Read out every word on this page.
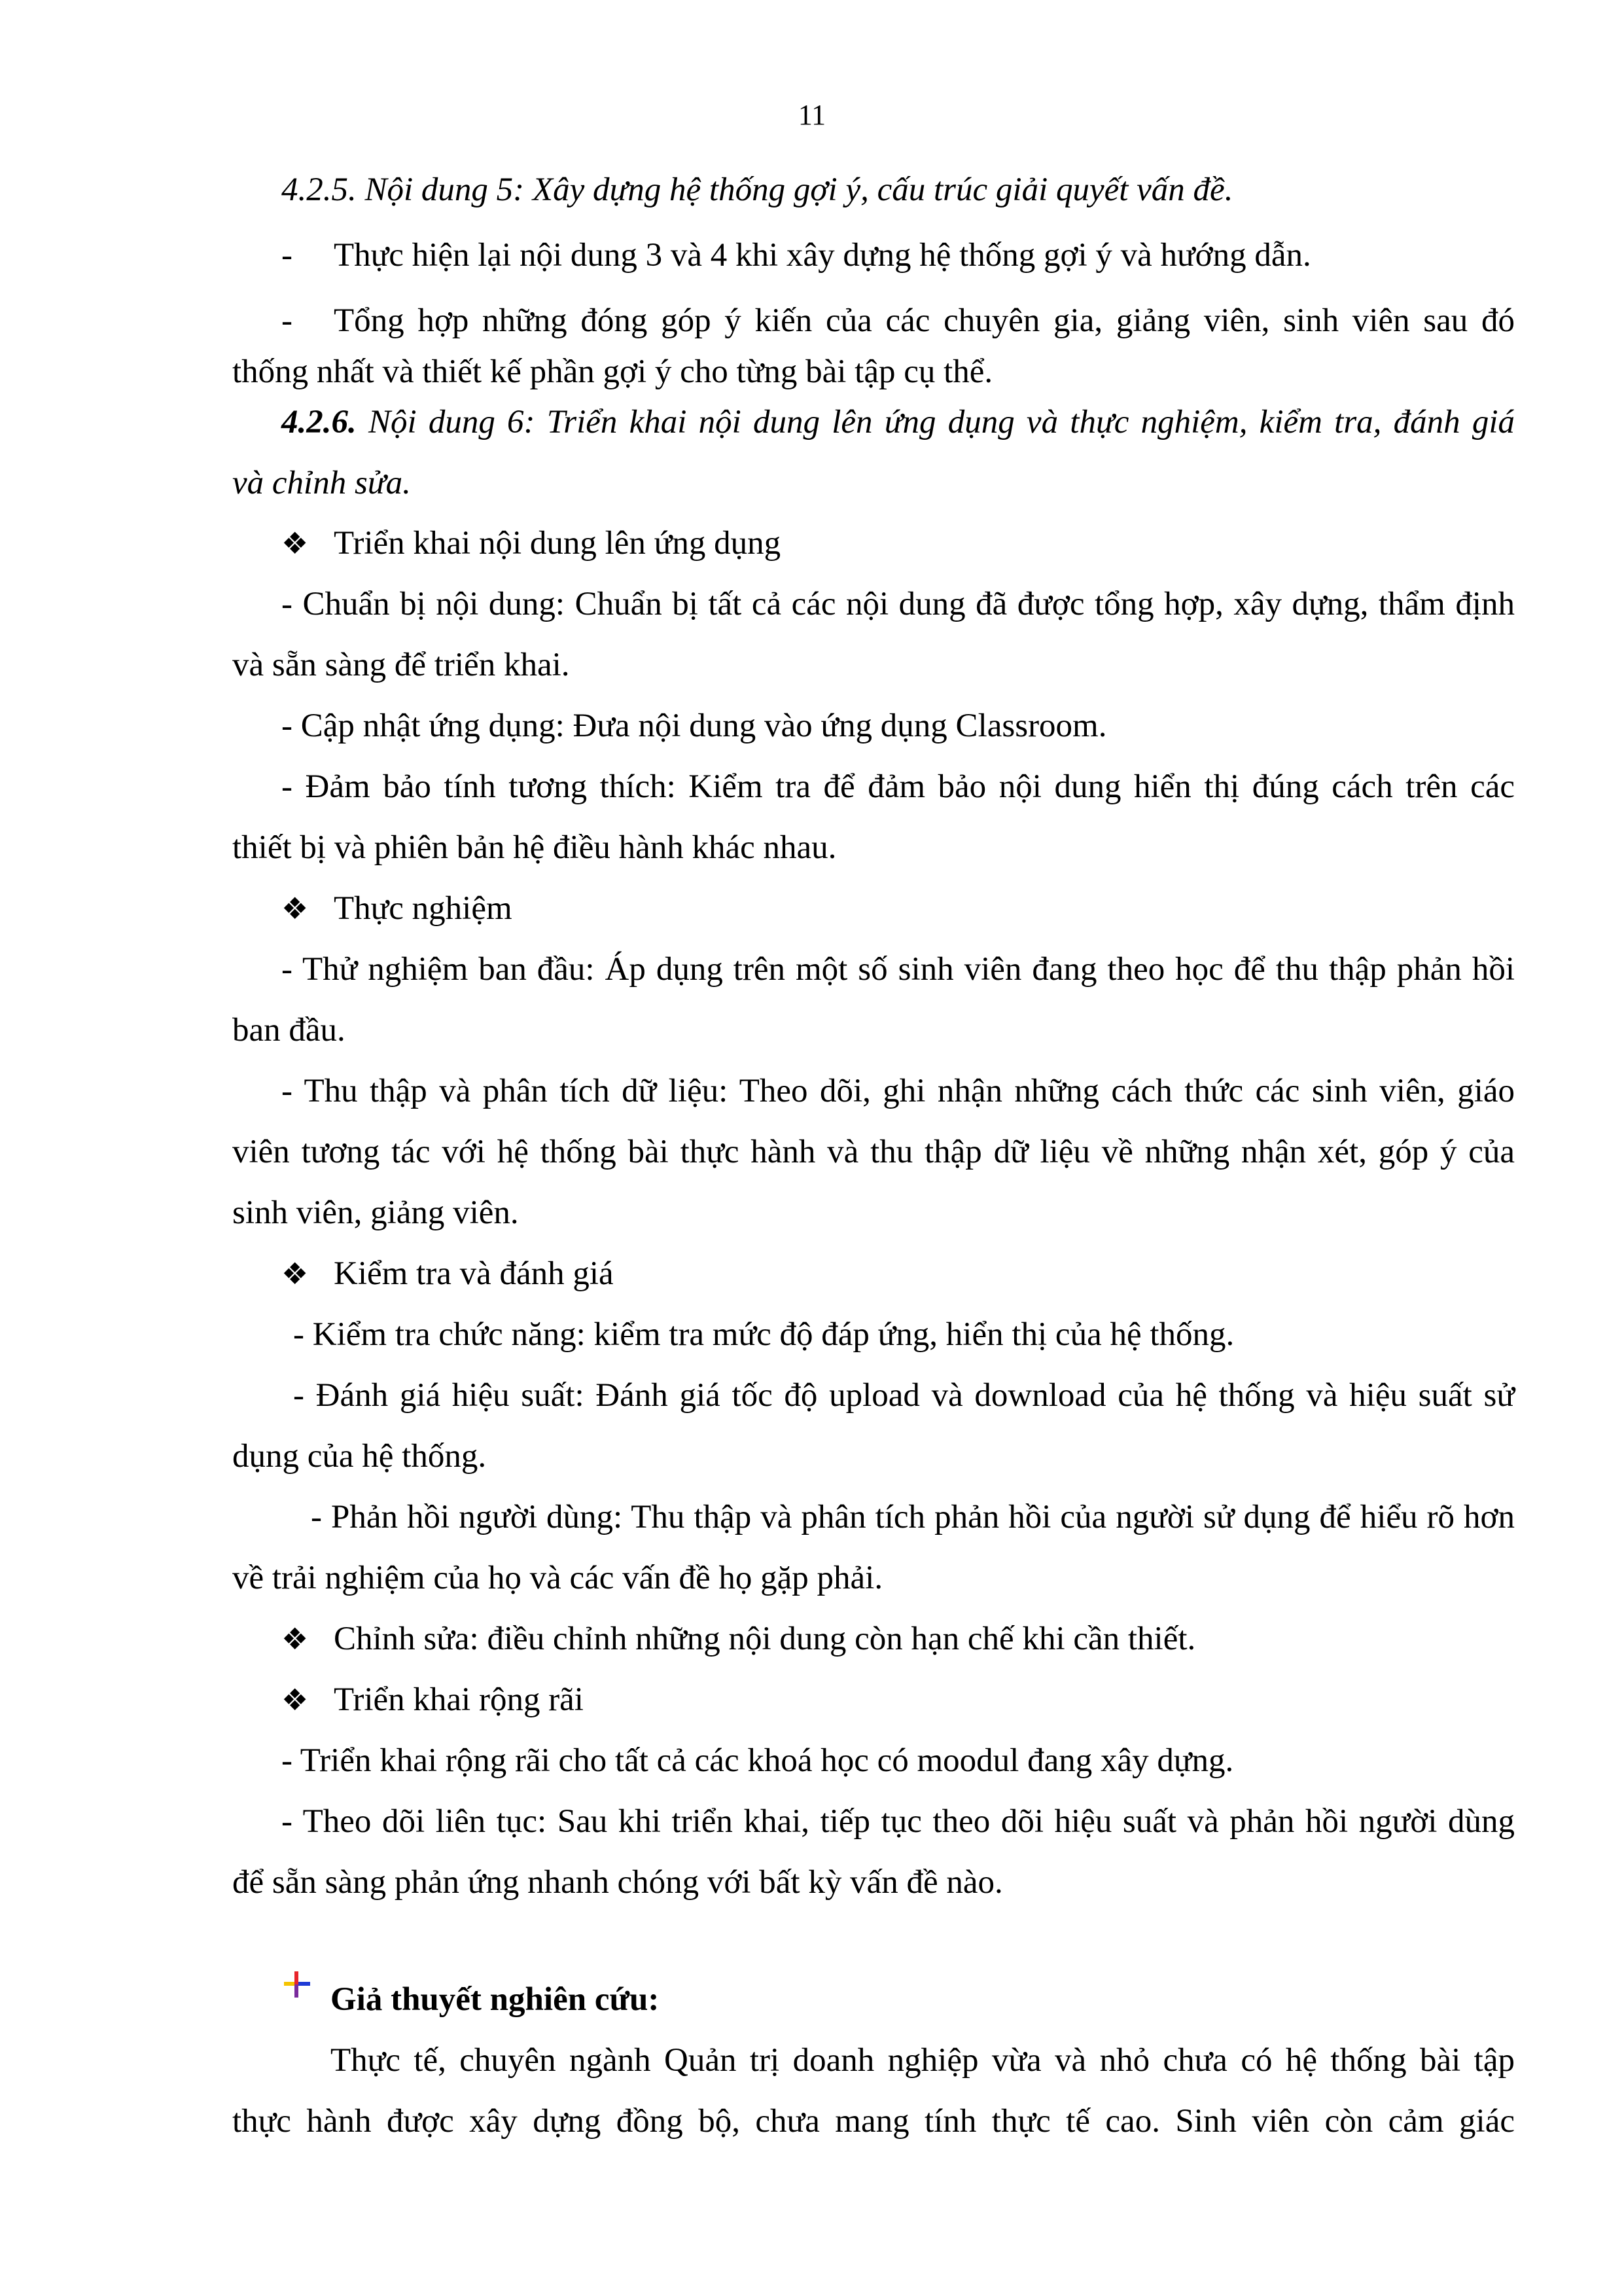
11
4.2.5. Nội dung 5: Xây dựng hệ thống gợi ý, cấu trúc giải quyết vấn đề.
- Thực hiện lại nội dung 3 và 4 khi xây dựng hệ thống gợi ý và hướng dẫn.
- Tổng hợp những đóng góp ý kiến của các chuyên gia, giảng viên, sinh viên sau đó
thống nhất và thiết kế phần gợi ý cho từng bài tập cụ thể.
4.2.6. Nội dung 6: Triển khai nội dung lên ứng dụng và thực nghiệm, kiểm tra, đánh giá
và chỉnh sửa.
❖ Triển khai nội dung lên ứng dụng
- Chuẩn bị nội dung: Chuẩn bị tất cả các nội dung đã được tổng hợp, xây dựng, thẩm định
và sẵn sàng để triển khai.
- Cập nhật ứng dụng: Đưa nội dung vào ứng dụng Classroom.
- Đảm bảo tính tương thích: Kiểm tra để đảm bảo nội dung hiển thị đúng cách trên các
thiết bị và phiên bản hệ điều hành khác nhau.
❖ Thực nghiệm
- Thử nghiệm ban đầu: Áp dụng trên một số sinh viên đang theo học để thu thập phản hồi
ban đầu.
- Thu thập và phân tích dữ liệu: Theo dõi, ghi nhận những cách thức các sinh viên, giáo
viên tương tác với hệ thống bài thực hành và thu thập dữ liệu về những nhận xét, góp ý của
sinh viên, giảng viên.
❖ Kiểm tra và đánh giá
- Kiểm tra chức năng: kiểm tra mức độ đáp ứng, hiển thị của hệ thống.
- Đánh giá hiệu suất: Đánh giá tốc độ upload và download của hệ thống và hiệu suất sử
dụng của hệ thống.
- Phản hồi người dùng: Thu thập và phân tích phản hồi của người sử dụng để hiểu rõ hơn
về trải nghiệm của họ và các vấn đề họ gặp phải.
❖ Chỉnh sửa: điều chỉnh những nội dung còn hạn chế khi cần thiết.
❖ Triển khai rộng rãi
- Triển khai rộng rãi cho tất cả các khoá học có moodul đang xây dựng.
- Theo dõi liên tục: Sau khi triển khai, tiếp tục theo dõi hiệu suất và phản hồi người dùng
để sẵn sàng phản ứng nhanh chóng với bất kỳ vấn đề nào.
Giả thuyết nghiên cứu:
Thực tế, chuyên ngành Quản trị doanh nghiệp vừa và nhỏ chưa có hệ thống bài tập
thực hành được xây dựng đồng bộ, chưa mang tính thực tế cao. Sinh viên còn cảm giác
